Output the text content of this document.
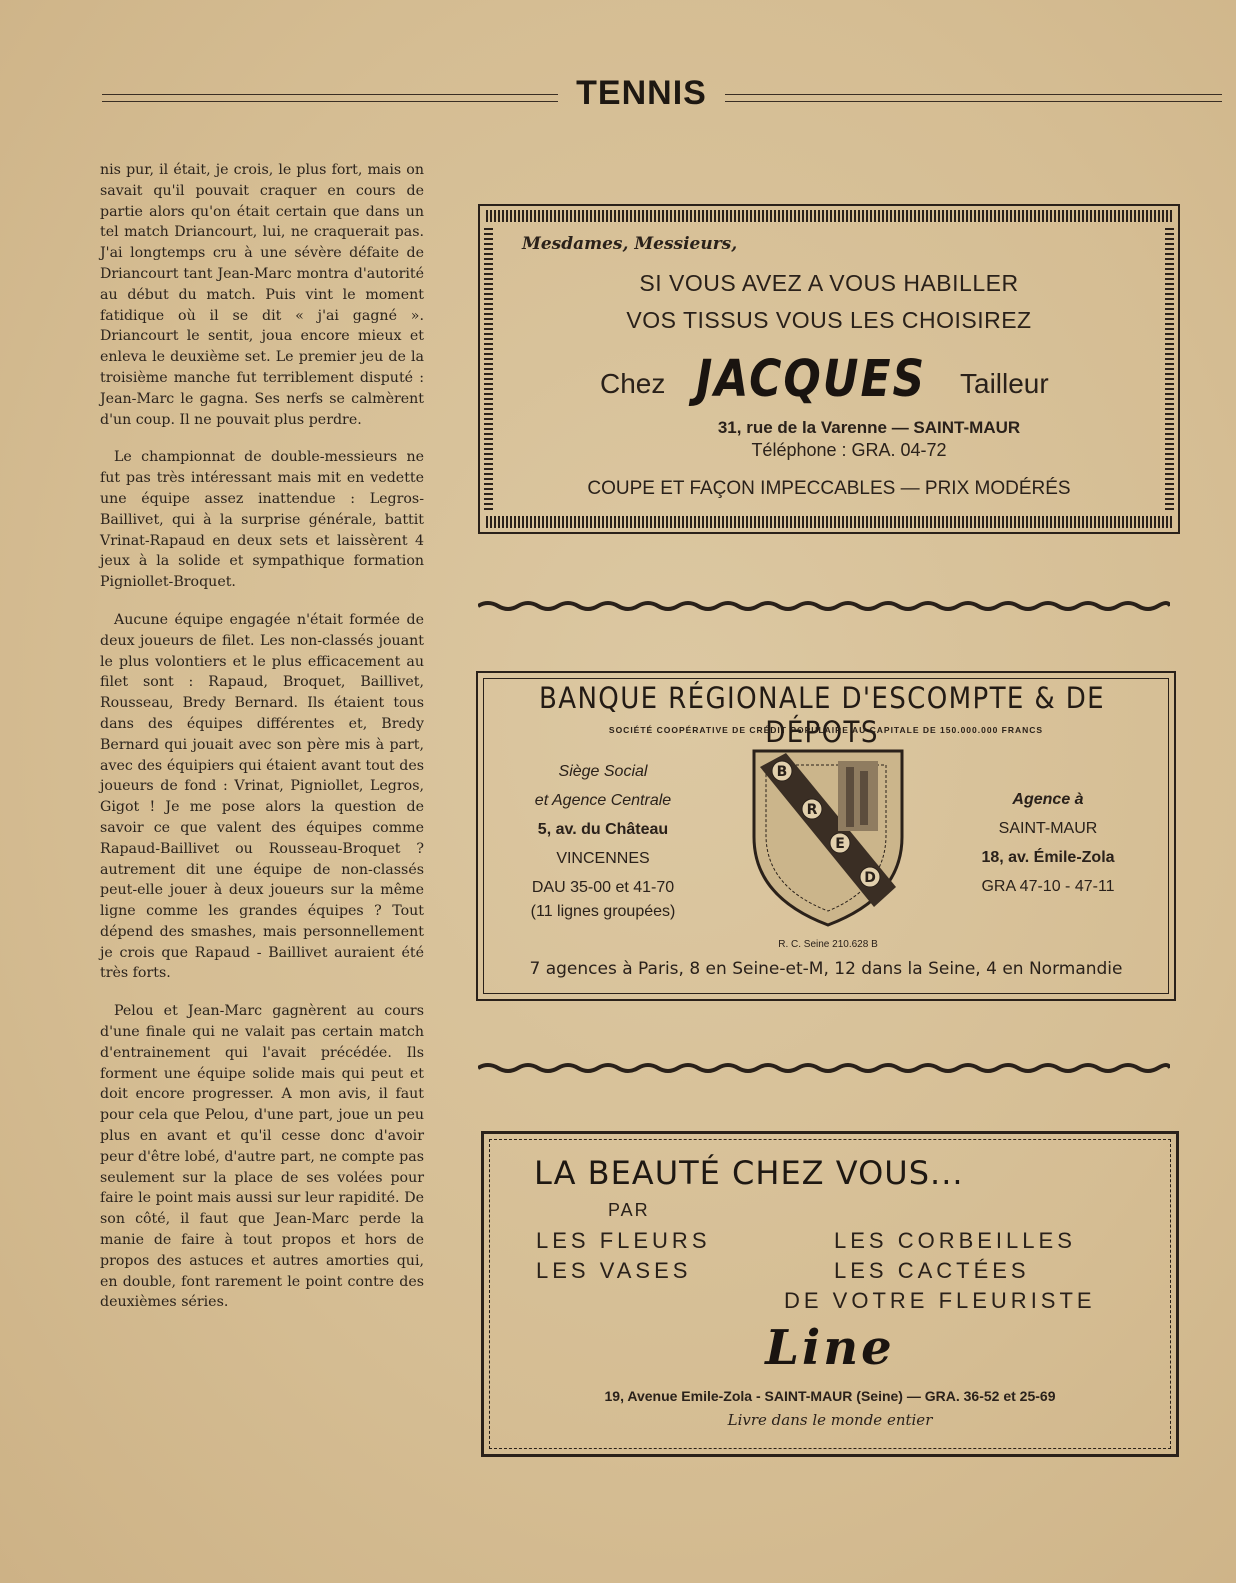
TENNIS

nis pur, il était, je crois, le plus fort, mais on savait qu'il pouvait craquer en cours de partie alors qu'on était certain que dans un tel match Driancourt, lui, ne craquerait pas. J'ai longtemps cru à une sévère défaite de Driancourt tant Jean-Marc montra d'autorité au début du match. Puis vint le moment fatidique où il se dit « j'ai gagné ». Driancourt le sentit, joua encore mieux et enleva le deuxième set. Le premier jeu de la troisième manche fut terriblement disputé : Jean-Marc le gagna. Ses nerfs se calmèrent d'un coup. Il ne pouvait plus perdre.

Le championnat de double-messieurs ne fut pas très intéressant mais mit en vedette une équipe assez inattendue : Legros-Baillivet, qui à la surprise générale, battit Vrinat-Rapaud en deux sets et laissèrent 4 jeux à la solide et sympathique formation Pigniollet-Broquet.

Aucune équipe engagée n'était formée de deux joueurs de filet. Les non-classés jouant le plus volontiers et le plus efficacement au filet sont : Rapaud, Broquet, Baillivet, Rousseau, Bredy Bernard. Ils étaient tous dans des équipes différentes et, Bredy Bernard qui jouait avec son père mis à part, avec des équipiers qui étaient avant tout des joueurs de fond : Vrinat, Pigniollet, Legros, Gigot ! Je me pose alors la question de savoir ce que valent des équipes comme Rapaud-Baillivet ou Rousseau-Broquet ? autrement dit une équipe de non-classés peut-elle jouer à deux joueurs sur la même ligne comme les grandes équipes ? Tout dépend des smashes, mais personnellement je crois que Rapaud - Baillivet auraient été très forts.

Pelou et Jean-Marc gagnèrent au cours d'une finale qui ne valait pas certain match d'entrainement qui l'avait précédée. Ils forment une équipe solide mais qui peut et doit encore progresser. A mon avis, il faut pour cela que Pelou, d'une part, joue un peu plus en avant et qu'il cesse donc d'avoir peur d'être lobé, d'autre part, ne compte pas seulement sur la place de ses volées pour faire le point mais aussi sur leur rapidité. De son côté, il faut que Jean-Marc perde la manie de faire à tout propos et hors de propos des astuces et autres amorties qui, en double, font rarement le point contre des deuxièmes séries.

Mesdames, Messieurs,
SI VOUS AVEZ A VOUS HABILLER
VOS TISSUS VOUS LES CHOISIREZ
Chez JACQUES Tailleur
31, rue de la Varenne — SAINT-MAUR
Téléphone : GRA. 04-72
COUPE ET FAÇON IMPECCABLES — PRIX MODÉRÉS
BANQUE RÉGIONALE D'ESCOMPTE & DE DÉPOTS
SOCIÉTÉ COOPÉRATIVE DE CRÉDIT POPULAIRE AU CAPITALE DE 150.000.000 FRANCS
Siège Social
et Agence Centrale
5, av. du Château
VINCENNES
DAU 35-00 et 41-70
(11 lignes groupées)
B
R
E
D
Agence à
SAINT-MAUR
18, av. Émile-Zola
GRA 47-10 - 47-11
R. C. Seine 210.628 B
7 agences à Paris, 8 en Seine-et-M, 12 dans la Seine, 4 en Normandie
LA BEAUTÉ CHEZ VOUS...
PAR
LES FLEURS
LES VASES
LES CORBEILLES
LES CACTÉES
DE VOTRE FLEURISTE
Line
19, Avenue Emile-Zola - SAINT-MAUR (Seine) — GRA. 36-52 et 25-69
Livre dans le monde entier
